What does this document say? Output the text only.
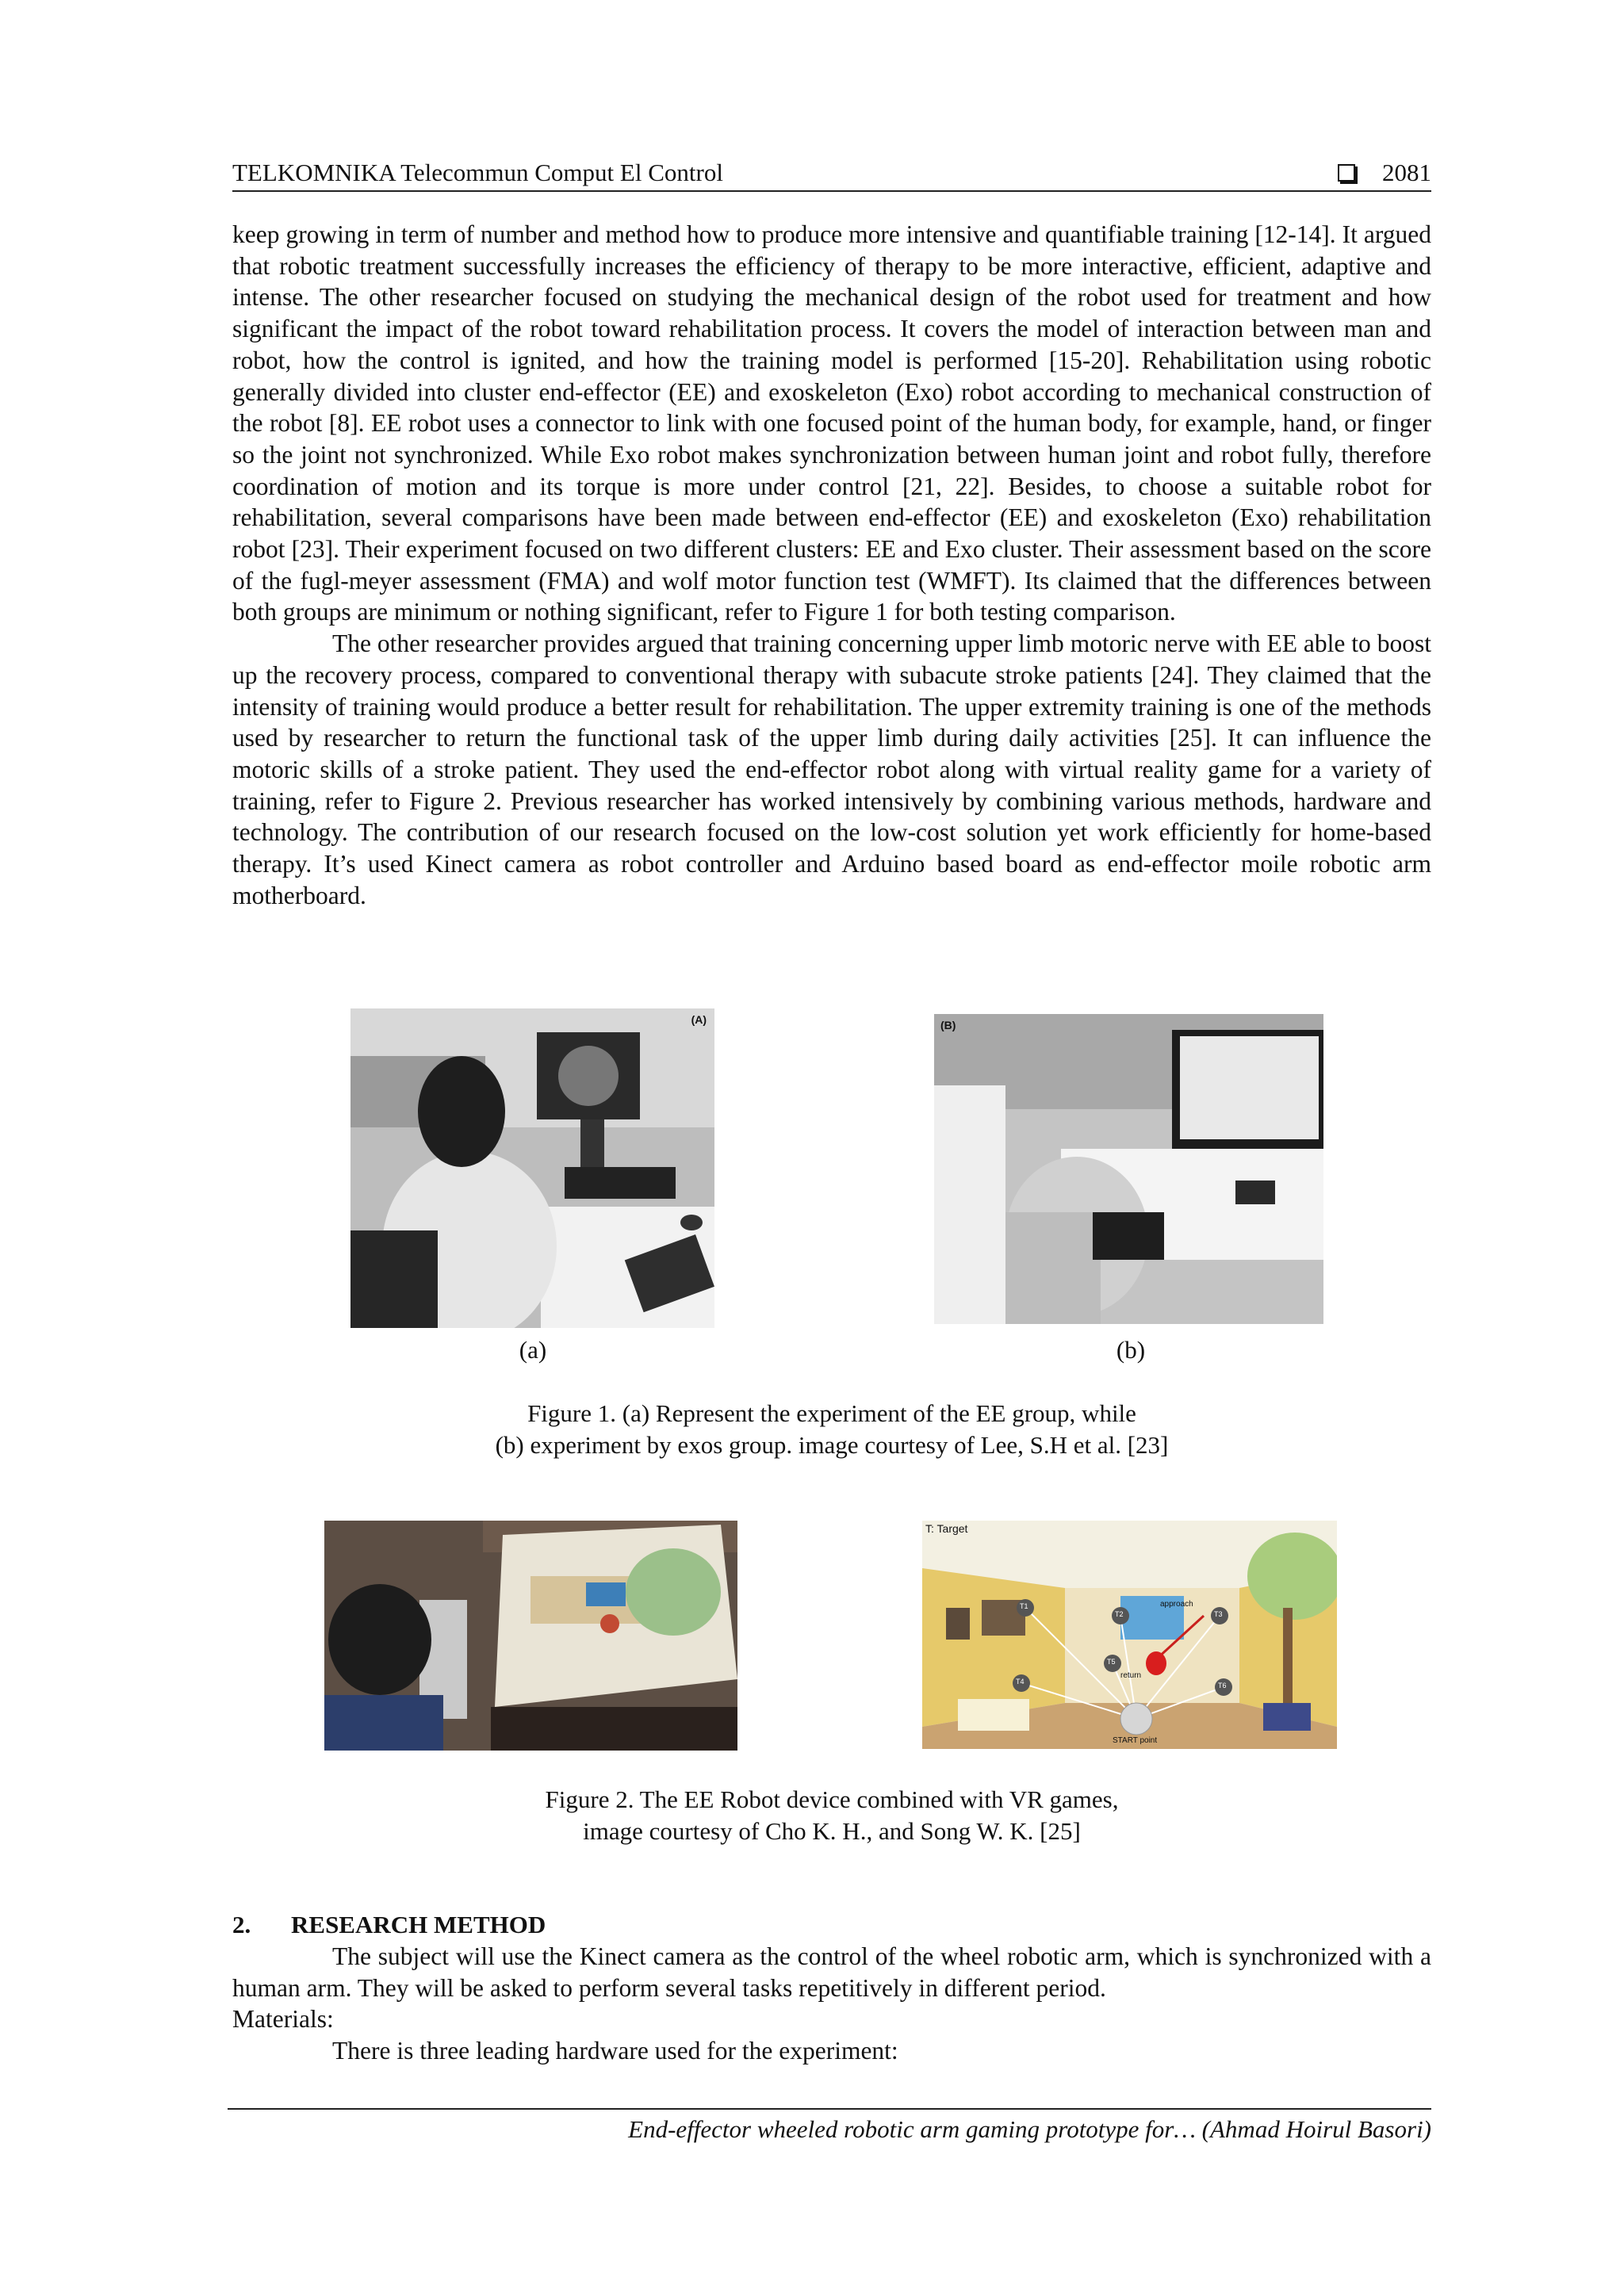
TELKOMNIKA Telecommun Comput El Control	2081

keep growing in term of number and method how to produce more intensive and quantifiable training [12-14]. It argued that robotic treatment successfully increases the efficiency of therapy to be more interactive, efficient, adaptive and intense. The other researcher focused on studying the mechanical design of the robot used for treatment and how significant the impact of the robot toward rehabilitation process. It covers the model of interaction between man and robot, how the control is ignited, and how the training model is performed [15-20]. Rehabilitation using robotic generally divided into cluster end-effector (EE) and exoskeleton (Exo) robot according to mechanical construction of the robot [8]. EE robot uses a connector to link with one focused point of the human body, for example, hand, or finger so the joint not synchronized. While Exo robot makes synchronization between human joint and robot fully, therefore coordination of motion and its torque is more under control [21, 22]. Besides, to choose a suitable robot for rehabilitation, several comparisons have been made between end-effector (EE) and exoskeleton (Exo) rehabilitation robot [23]. Their experiment focused on two different clusters: EE and Exo cluster. Their assessment based on the score of the fugl-meyer assessment (FMA) and wolf motor function test (WMFT). Its claimed that the differences between both groups are minimum or nothing significant, refer to Figure 1 for both testing comparison.

The other researcher provides argued that training concerning upper limb motoric nerve with EE able to boost up the recovery process, compared to conventional therapy with subacute stroke patients [24]. They claimed that the intensity of training would produce a better result for rehabilitation. The upper extremity training is one of the methods used by researcher to return the functional task of the upper limb during daily activities [25]. It can influence the motoric skills of a stroke patient. They used the end-effector robot along with virtual reality game for a variety of training, refer to Figure 2. Previous researcher has worked intensively by combining various methods, hardware and technology. The contribution of our research focused on the low-cost solution yet work efficiently for home-based therapy. It’s used Kinect camera as robot controller and Arduino based board as end-effector moile robotic arm motherboard.

(A)	(B)
(a)	(b)
Figure 1. (a) Represent the experiment of the EE group, while
(b) experiment by exos group. image courtesy of Lee, S.H et al. [23]
T: Target
T1
T2	T3
T4
T5
T6
approach
return
START point
Figure 2. The EE Robot device combined with VR games,
image courtesy of Cho K. H., and Song W. K. [25]
2. RESEARCH METHOD

The subject will use the Kinect camera as the control of the wheel robotic arm, which is synchronized with a human arm. They will be asked to perform several tasks repetitively in different period.

Materials:

There is three leading hardware used for the experiment:

End-effector wheeled robotic arm gaming prototype for… (Ahmad Hoirul Basori)
